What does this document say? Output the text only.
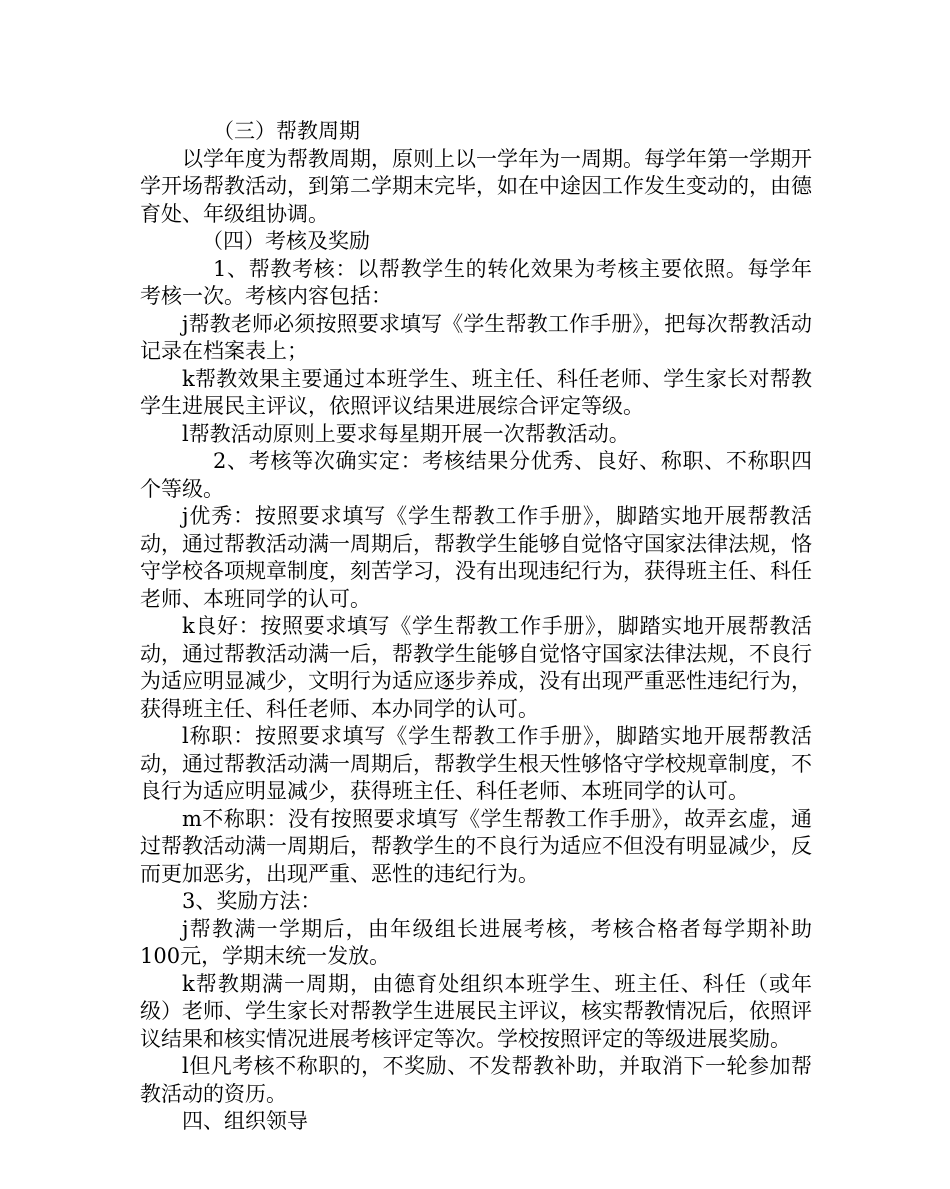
（三）帮教周期

以学年度为帮教周期，原则上以一学年为一周期。每学年第一学期开学开场帮教活动，到第二学期末完毕，如在中途因工作发生变动的，由德育处、年级组协调。

（四）考核及奖励

1、帮教考核：以帮教学生的转化效果为考核主要依照。每学年考核一次。考核内容包括：

j帮教老师必须按照要求填写《学生帮教工作手册》，把每次帮教活动记录在档案表上；

k帮教效果主要通过本班学生、班主任、科任老师、学生家长对帮教学生进展民主评议，依照评议结果进展综合评定等级。

l帮教活动原则上要求每星期开展一次帮教活动。

2、考核等次确实定：考核结果分优秀、良好、称职、不称职四个等级。

j优秀：按照要求填写《学生帮教工作手册》，脚踏实地开展帮教活动，通过帮教活动满一周期后，帮教学生能够自觉恪守国家法律法规，恪守学校各项规章制度，刻苦学习，没有出现违纪行为，获得班主任、科任老师、本班同学的认可。

k良好：按照要求填写《学生帮教工作手册》，脚踏实地开展帮教活动，通过帮教活动满一后，帮教学生能够自觉恪守国家法律法规，不良行为适应明显减少，文明行为适应逐步养成，没有出现严重恶性违纪行为，获得班主任、科任老师、本办同学的认可。

l称职：按照要求填写《学生帮教工作手册》，脚踏实地开展帮教活动，通过帮教活动满一周期后，帮教学生根天性够恪守学校规章制度，不良行为适应明显减少，获得班主任、科任老师、本班同学的认可。

m不称职：没有按照要求填写《学生帮教工作手册》，故弄玄虚，通过帮教活动满一周期后，帮教学生的不良行为适应不但没有明显减少，反而更加恶劣，出现严重、恶性的违纪行为。

3、奖励方法：

j帮教满一学期后，由年级组长进展考核，考核合格者每学期补助100元，学期末统一发放。

k帮教期满一周期，由德育处组织本班学生、班主任、科任（或年级）老师、学生家长对帮教学生进展民主评议，核实帮教情况后，依照评议结果和核实情况进展考核评定等次。学校按照评定的等级进展奖励。

l但凡考核不称职的，不奖励、不发帮教补助，并取消下一轮参加帮教活动的资历。

四、组织领导
